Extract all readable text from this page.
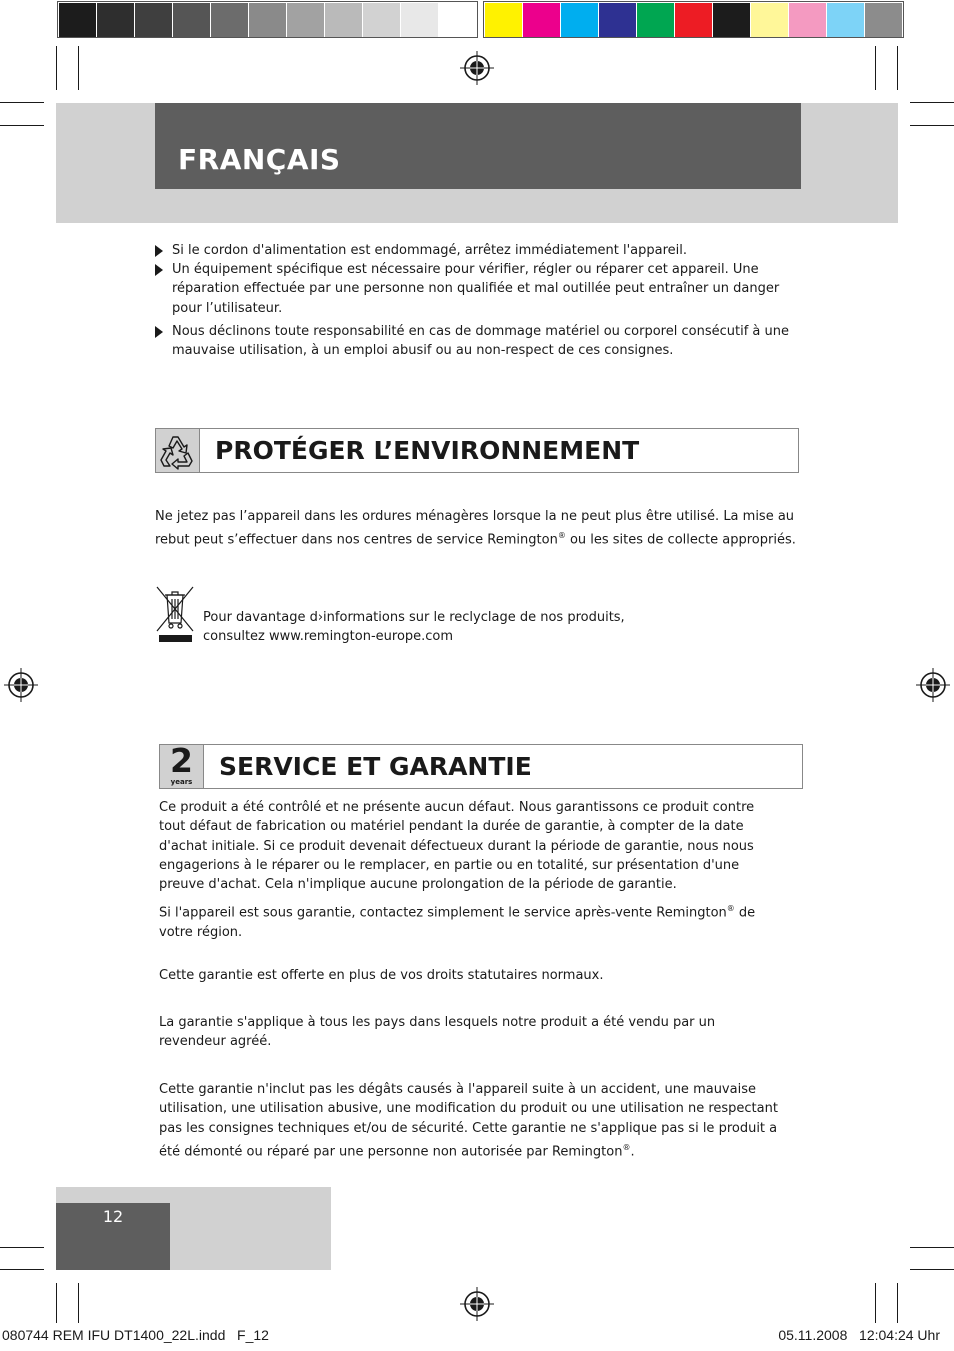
FRANÇAIS
Si le cordon d'alimentation est endommagé, arrêtez immédiatement l'appareil.
Un équipement spécifique est nécessaire pour vérifier, régler ou réparer cet appareil. Une réparation effectuée par une personne non qualifiée et mal outillée peut entraîner un danger pour l’utilisateur.
Nous déclinons toute responsabilité en cas de dommage matériel ou corporel consécutif à une mauvaise utilisation, à un emploi abusif ou au non-respect de ces consignes.
PROTÉGER L’ENVIRONNEMENT
Ne jetez pas l’appareil dans les ordures ménagères lorsque la ne peut plus être utilisé. La mise au rebut peut s’effectuer dans nos centres de service Remington® ou les sites de collecte appropriés.
Pour davantage d›informations sur le reclyclage de nos produits,
consultez www.remington-europe.com
2
years
SERVICE ET GARANTIE
Ce produit a été contrôlé et ne présente aucun défaut. Nous garantissons ce produit contre tout défaut de fabrication ou matériel pendant la durée de garantie, à compter de la date d'achat initiale. Si ce produit devenait défectueux durant la période de garantie, nous nous engagerions à le réparer ou le remplacer, en partie ou en totalité, sur présentation d'une preuve d'achat. Cela n'implique aucune prolongation de la période de garantie.
Si l'appareil est sous garantie, contactez simplement le service après-vente Remington® de votre région.
Cette garantie est offerte en plus de vos droits statutaires normaux.
La garantie s'applique à tous les pays dans lesquels notre produit a été vendu par un revendeur agréé.
Cette garantie n'inclut pas les dégâts causés à l'appareil suite à un accident, une mauvaise utilisation, une utilisation abusive, une modification du produit ou une utilisation ne respectant pas les consignes techniques et/ou de sécurité. Cette garantie ne s'applique pas si le produit a été démonté ou réparé par une personne non autorisée par Remington®.
12
080744 REM IFU DT1400_22L.indd   F_12	05.11.2008   12:04:24 Uhr
